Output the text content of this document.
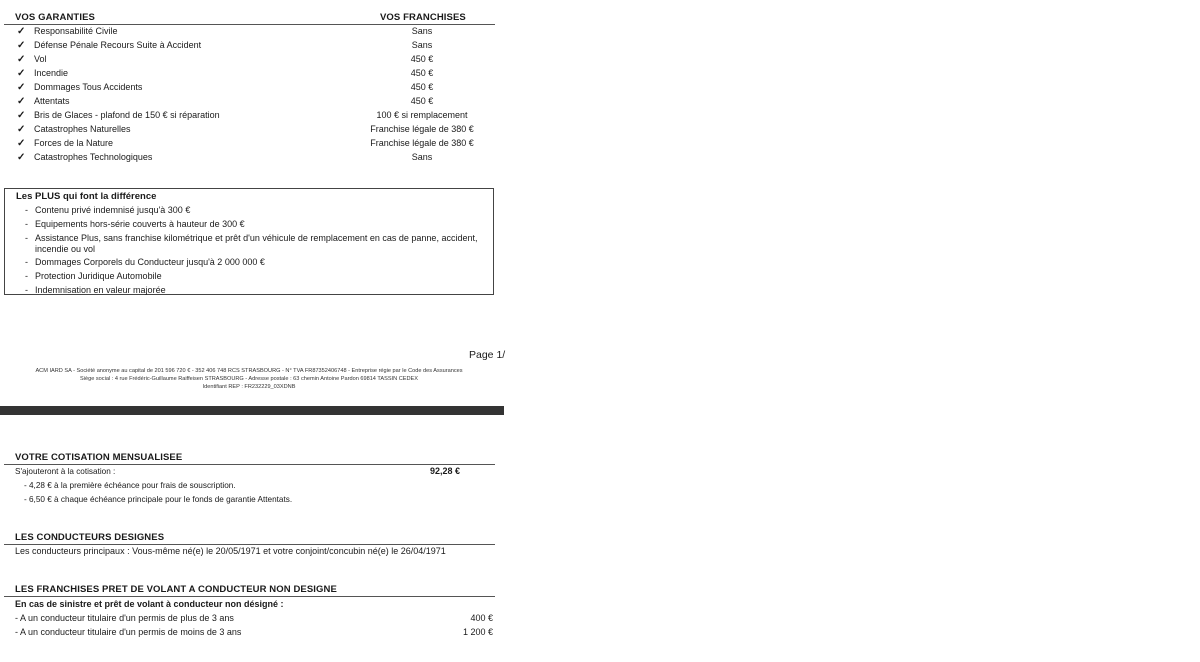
VOS GARANTIES	VOS FRANCHISES
✓ Responsabilité Civile	Sans
✓ Défense Pénale Recours Suite à Accident	Sans
✓ Vol	450 €
✓ Incendie	450 €
✓ Dommages Tous Accidents	450 €
✓ Attentats	450 €
✓ Bris de Glaces - plafond de 150 € si réparation	100 € si remplacement
✓ Catastrophes Naturelles	Franchise légale de 380 €
✓ Forces de la Nature	Franchise légale de 380 €
✓ Catastrophes Technologiques	Sans
Les PLUS qui font la différence
- Contenu privé indemnisé jusqu'à 300 €
- Equipements hors-série couverts à hauteur de 300 €
- Assistance Plus, sans franchise kilométrique et prêt d'un véhicule de remplacement en cas de panne, accident, incendie ou vol
- Dommages Corporels du Conducteur jusqu'à 2 000 000 €
- Protection Juridique Automobile
- Indemnisation en valeur majorée
Page 1/
ACM IARD SA - Société anonyme au capital de 201 596 720 € - 352 406 748 RCS STRASBOURG - N° TVA FR87352406748 - Entreprise régie par le Code des Assurances
Siège social : 4 rue Frédéric-Guillaume Raiffeisen STRASBOURG - Adresse postale : 63 chemin Antoine Pardon 69814 TASSIN CEDEX
Identifiant REP : FR232229_03XDNB
VOTRE COTISATION MENSUALISEE
S'ajouteront à la cotisation :	92,28 €
- 4,28 € à la première échéance pour frais de souscription.
- 6,50 € à chaque échéance principale pour le fonds de garantie Attentats.
LES CONDUCTEURS DESIGNES
Les conducteurs principaux : Vous-même né(e) le 20/05/1971 et votre conjoint/concubin né(e) le 26/04/1971
LES FRANCHISES PRET DE VOLANT A CONDUCTEUR NON DESIGNE
En cas de sinistre et prêt de volant à conducteur non désigné :
- A un conducteur titulaire d'un permis de plus de 3 ans	400 €
- A un conducteur titulaire d'un permis de moins de 3 ans	1 200 €
